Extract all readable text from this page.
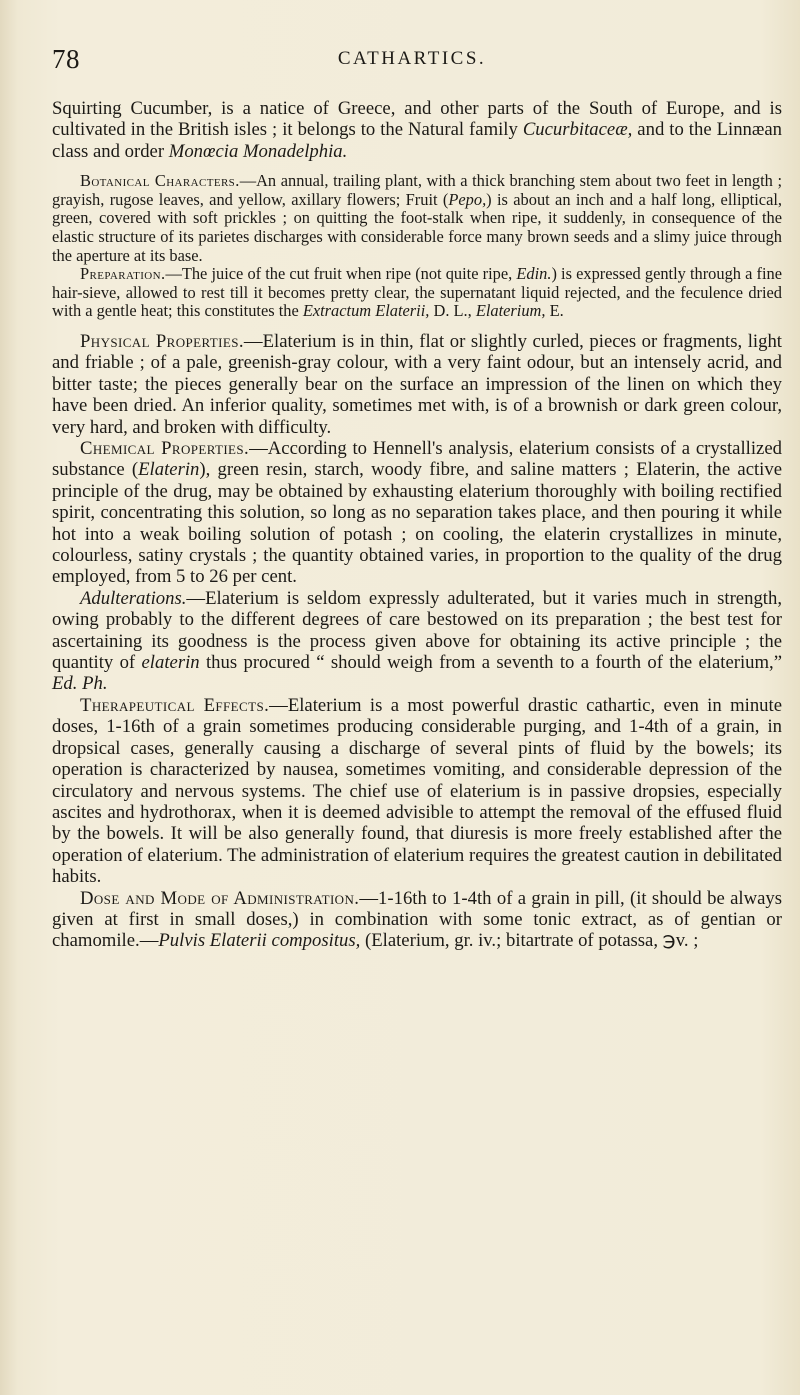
78	CATHARTICS.

Squirting Cucumber, is a natice of Greece, and other parts of the South of Europe, and is cultivated in the British isles ; it belongs to the Natural family Cucurbitaceæ, and to the Linnæan class and order Monœcia Monadelphia.

Botanical Characters.—An annual, trailing plant, with a thick branching stem about two feet in length ; grayish, rugose leaves, and yellow, axillary flowers; Fruit (Pepo,) is about an inch and a half long, elliptical, green, covered with soft prickles ; on quitting the foot-stalk when ripe, it suddenly, in consequence of the elastic structure of its parietes discharges with considerable force many brown seeds and a slimy juice through the aperture at its base.

Preparation.—The juice of the cut fruit when ripe (not quite ripe, Edin.) is expressed gently through a fine hair-sieve, allowed to rest till it becomes pretty clear, the supernatant liquid rejected, and the feculence dried with a gentle heat; this constitutes the Extractum Elaterii, D. L., Elaterium, E.

Physical Properties.—Elaterium is in thin, flat or slightly curled, pieces or fragments, light and friable ; of a pale, greenish-gray colour, with a very faint odour, but an intensely acrid, and bitter taste; the pieces generally bear on the surface an impression of the linen on which they have been dried. An inferior quality, sometimes met with, is of a brownish or dark green colour, very hard, and broken with difficulty.

Chemical Properties.—According to Hennell's analysis, elaterium consists of a crystallized substance (Elaterin), green resin, starch, woody fibre, and saline matters ; Elaterin, the active principle of the drug, may be obtained by exhausting elaterium thoroughly with boiling rectified spirit, concentrating this solution, so long as no separation takes place, and then pouring it while hot into a weak boiling solution of potash ; on cooling, the elaterin crystallizes in minute, colourless, satiny crystals ; the quantity obtained varies, in proportion to the quality of the drug employed, from 5 to 26 per cent.

Adulterations.—Elaterium is seldom expressly adulterated, but it varies much in strength, owing probably to the different degrees of care bestowed on its preparation ; the best test for ascertaining its goodness is the process given above for obtaining its active principle ; the quantity of elaterin thus procured “ should weigh from a seventh to a fourth of the elaterium,” Ed. Ph.

Therapeutical Effects.—Elaterium is a most powerful drastic cathartic, even in minute doses, 1-16th of a grain sometimes producing considerable purging, and 1-4th of a grain, in dropsical cases, generally causing a discharge of several pints of fluid by the bowels; its operation is characterized by nausea, sometimes vomiting, and considerable depression of the circulatory and nervous systems. The chief use of elaterium is in passive dropsies, especially ascites and hydrothorax, when it is deemed advisible to attempt the removal of the effused fluid by the bowels. It will be also generally found, that diuresis is more freely established after the operation of elaterium. The administration of elaterium requires the greatest caution in debilitated habits.

Dose and Mode of Administration.—1-16th to 1-4th of a grain in pill, (it should be always given at first in small doses,) in combination with some tonic extract, as of gentian or chamomile.—Pulvis Elaterii compositus, (Elaterium, gr. iv.; bitartrate of potassa, ℈v. ;
